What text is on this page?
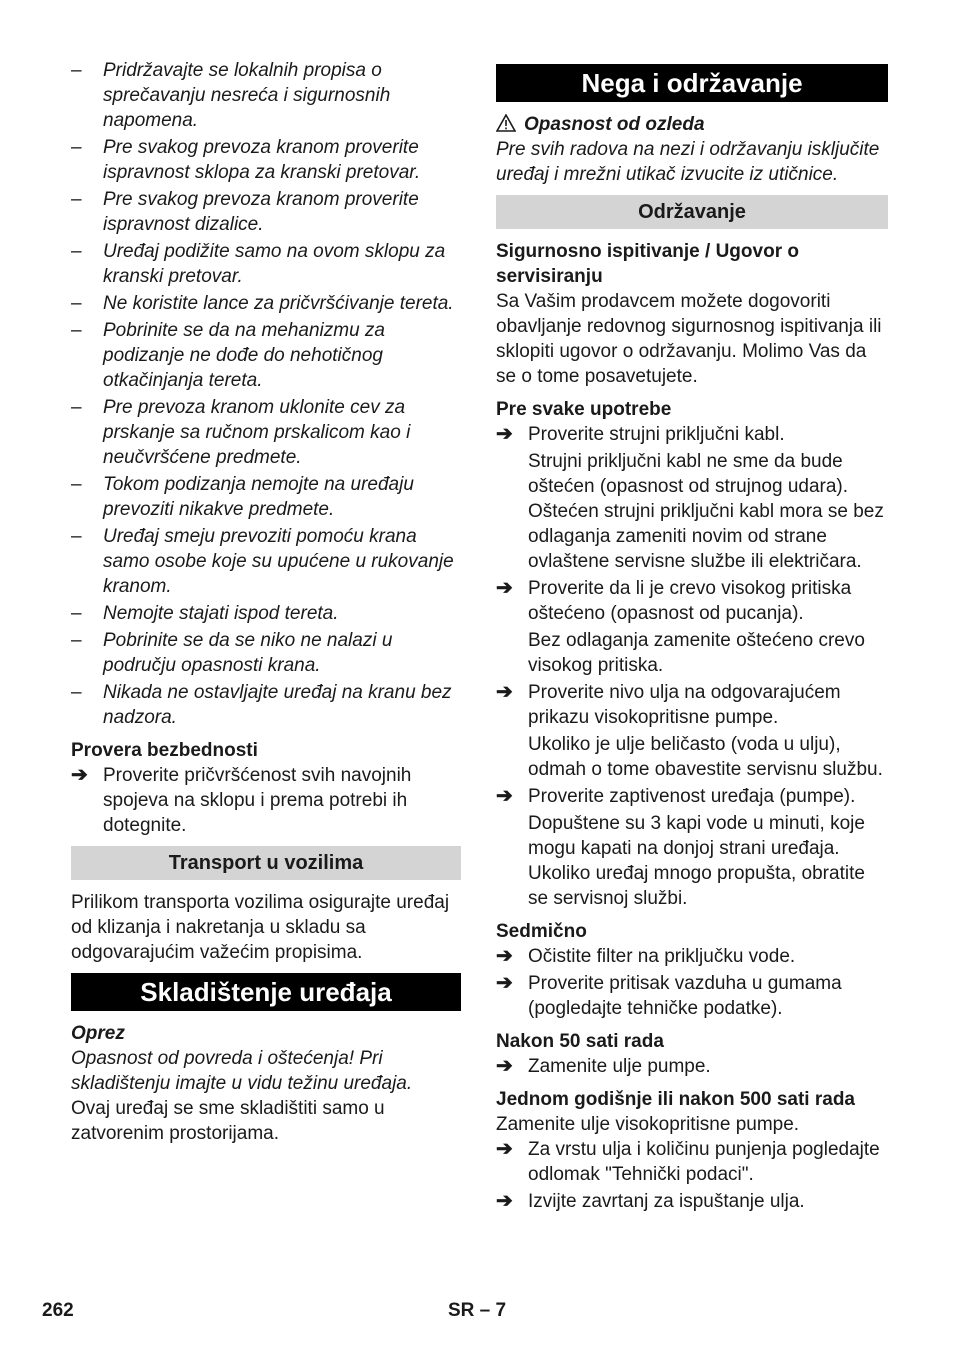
– Pridržavajte se lokalnih propisa o sprečavanju nesreća i sigurnosnih napomena.
– Pre svakog prevoza kranom proverite ispravnost sklopa za kranski pretovar.
– Pre svakog prevoza kranom proverite ispravnost dizalice.
– Uređaj podižite samo na ovom sklopu za kranski pretovar.
– Ne koristite lance za pričvršćivanje tereta.
– Pobrinite se da na mehanizmu za podizanje ne dođe do nehotičnog otkačinjanja tereta.
– Pre prevoza kranom uklonite cev za prskanje sa ručnom prskalicom kao i neučvršćene predmete.
– Tokom podizanja nemojte na uređaju prevoziti nikakve predmete.
– Uređaj smeju prevoziti pomoću krana samo osobe koje su upućene u rukovanje kranom.
– Nemojte stajati ispod tereta.
– Pobrinite se da se niko ne nalazi u području opasnosti krana.
– Nikada ne ostavljajte uređaj na kranu bez nadzora.
Provera bezbednosti
➔ Proverite pričvršćenost svih navojnih spojeva na sklopu i prema potrebi ih dotegnite.
Transport u vozilima

Prilikom transporta vozilima osigurajte uređaj od klizanja i nakretanja u skladu sa odgovarajućim važećim propisima.

Skladištenje uređaja
Oprez

Opasnost od povreda i oštećenja! Pri skladištenju imajte u vidu težinu uređaja.

Ovaj uređaj se sme skladištiti samo u zatvorenim prostorijama.

Nega i održavanje
Opasnost od ozleda

Pre svih radova na nezi i održavanju isključite uređaj i mrežni utikač izvucite iz utičnice.

Održavanje
Sigurnosno ispitivanje / Ugovor o servisiranju

Sa Vašim prodavcem možete dogovoriti obavljanje redovnog sigurnosnog ispitivanja ili sklopiti ugovor o održavanju. Molimo Vas da se o tome posavetujete.

Pre svake upotrebe
➔ Proverite strujni priključni kabl.
Strujni priključni kabl ne sme da bude oštećen (opasnost od strujnog udara). Oštećen strujni priključni kabl mora se bez odlaganja zameniti novim od strane ovlaštene servisne službe ili električara.
➔ Proverite da li je crevo visokog pritiska oštećeno (opasnost od pucanja).
Bez odlaganja zamenite oštećeno crevo visokog pritiska.
➔ Proverite nivo ulja na odgovarajućem prikazu visokopritisne pumpe.
Ukoliko je ulje beličasto (voda u ulju), odmah o tome obavestite servisnu službu.
➔ Proverite zaptivenost uređaja (pumpe).
Dopuštene su 3 kapi vode u minuti, koje mogu kapati na donjoj strani uređaja. Ukoliko uređaj mnogo propušta, obratite se servisnoj službi.
Sedmično
➔ Očistite filter na priključku vode.
➔ Proverite pritisak vazduha u gumama (pogledajte tehničke podatke).
Nakon 50 sati rada
➔ Zamenite ulje pumpe.
Jednom godišnje ili nakon 500 sati rada

Zamenite ulje visokopritisne pumpe.

➔ Za vrstu ulja i količinu punjenja pogledajte odlomak "Tehnički podaci".
➔ Izvijte zavrtanj za ispuštanje ulja.
262	SR – 7
